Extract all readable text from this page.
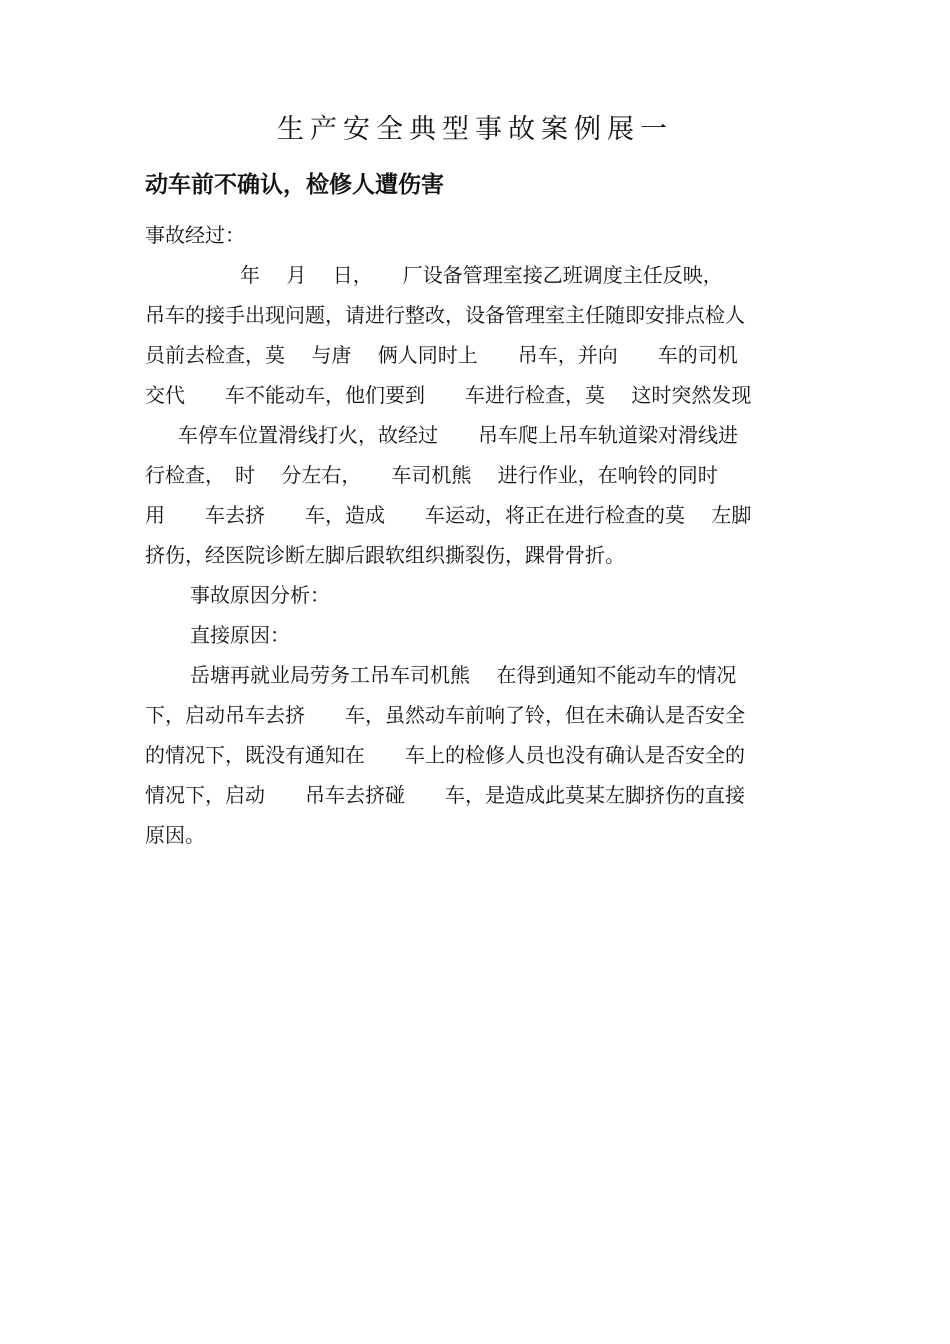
生产安全典型事故案例展一
动车前不确认，检修人遭伤害
事故经过：
年　 月　 日，　　厂设备管理室接乙班调度主任反映，
吊车的接手出现问题，请进行整改，设备管理室主任随即安排点检人
员前去检查，莫　 与唐　 俩人同时上　　吊车，并向　　车的司机
交代　　车不能动车，他们要到　　车进行检查，莫　 这时突然发现
车停车位置滑线打火，故经过　　吊车爬上吊车轨道梁对滑线进
行检查，　时　 分左右，　　车司机熊　 进行作业，在响铃的同时
用　　车去挤　　车，造成　　车运动，将正在进行检查的莫　 左脚
挤伤，经医院诊断左脚后跟软组织撕裂伤，踝骨骨折。
事故原因分析：
直接原因：
岳塘再就业局劳务工吊车司机熊　 在得到通知不能动车的情况
下，启动吊车去挤　　车，虽然动车前响了铃，但在未确认是否安全
的情况下，既没有通知在　　车上的检修人员也没有确认是否安全的
情况下，启动　　吊车去挤碰　　车，是造成此莫某左脚挤伤的直接
原因。
